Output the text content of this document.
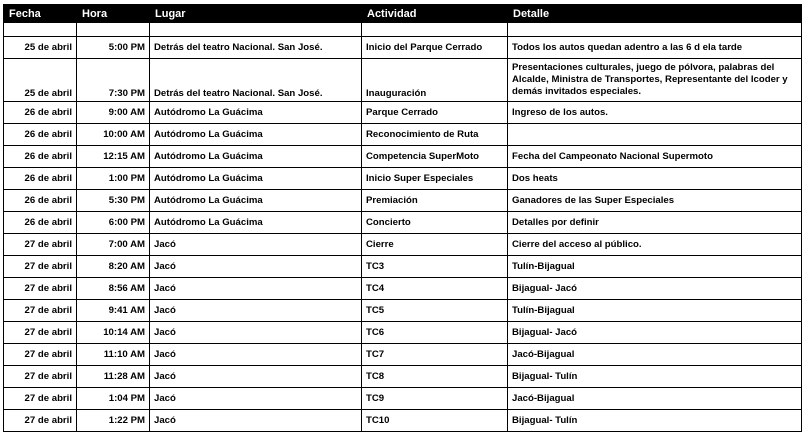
Fecha	Hora	Lugar	Actividad	Detalle

25 de abril	5:00 PM	Detrás del teatro Nacional. San José.	Inicio del Parque Cerrado	Todos los autos quedan adentro a las 6 d ela tarde
25 de abril	7:30 PM	Detrás del teatro Nacional. San José.	Inauguración	Presentaciones culturales, juego de pólvora, palabras del Alcalde, Ministra de Transportes, Representante del Icoder y demás invitados especiales.
26 de abril	9:00 AM	Autódromo La Guácima	Parque Cerrado	Ingreso de los autos.
26 de abril	10:00 AM	Autódromo La Guácima	Reconocimiento de Ruta	
26 de abril	12:15 AM	Autódromo La Guácima	Competencia SuperMoto	Fecha del Campeonato Nacional Supermoto
26 de abril	1:00 PM	Autódromo La Guácima	Inicio Super Especiales	Dos heats
26 de abril	5:30 PM	Autódromo La Guácima	Premiación	Ganadores de las Super Especiales
26 de abril	6:00 PM	Autódromo La Guácima	Concierto	Detalles por definir
27 de abril	7:00 AM	Jacó	Cierre	Cierre del acceso al público.
27 de abril	8:20 AM	Jacó	TC3	Tulín-Bijagual
27 de abril	8:56 AM	Jacó	TC4	Bijagual- Jacó
27 de abril	9:41 AM	Jacó	TC5	Tulín-Bijagual
27 de abril	10:14 AM	Jacó	TC6	Bijagual- Jacó
27 de abril	11:10 AM	Jacó	TC7	Jacó-Bijagual
27 de abril	11:28 AM	Jacó	TC8	Bijagual- Tulín
27 de abril	1:04 PM	Jacó	TC9	Jacó-Bijagual
27 de abril	1:22 PM	Jacó	TC10	Bijagual- Tulín
